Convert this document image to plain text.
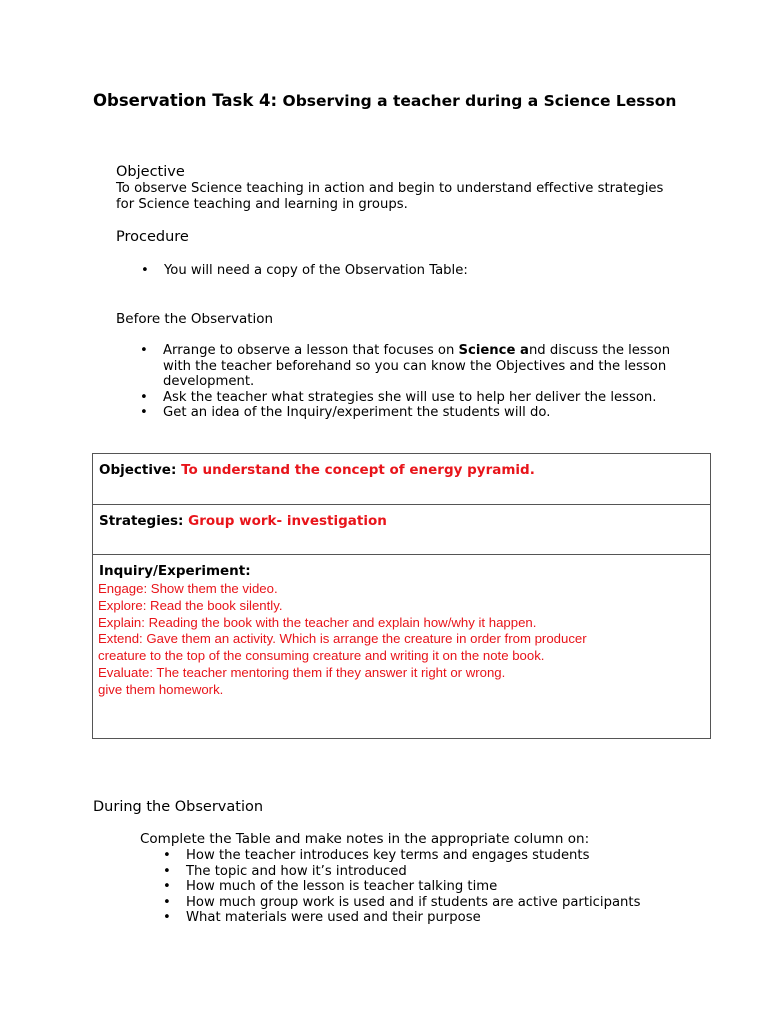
Observation Task 4: Observing a teacher during a Science Lesson
Objective
To observe Science teaching in action and begin to understand effective strategies for Science teaching and learning in groups.
Procedure
• You will need a copy of the Observation Table:
Before the Observation
• Arrange to observe a lesson that focuses on Science and discuss the lesson with the teacher beforehand so you can know the Objectives and the lesson development.
• Ask the teacher what strategies she will use to help her deliver the lesson.
• Get an idea of the Inquiry/experiment the students will do.
Objective: To understand the concept of energy pyramid.
Strategies: Group work- investigation
Inquiry/Experiment:
Engage: Show them the video.
Explore: Read the book silently.
Explain: Reading the book with the teacher and explain how/why it happen.
Extend: Gave them an activity. Which is arrange the creature in order from producer
creature to the top of the consuming creature and writing it on the note book.
Evaluate: The teacher mentoring them if they answer it right or wrong.
give them homework.
During the Observation
Complete the Table and make notes in the appropriate column on:
• How the teacher introduces key terms and engages students
• The topic and how it’s introduced
• How much of the lesson is teacher talking time
• How much group work is used and if students are active participants
• What materials were used and their purpose
